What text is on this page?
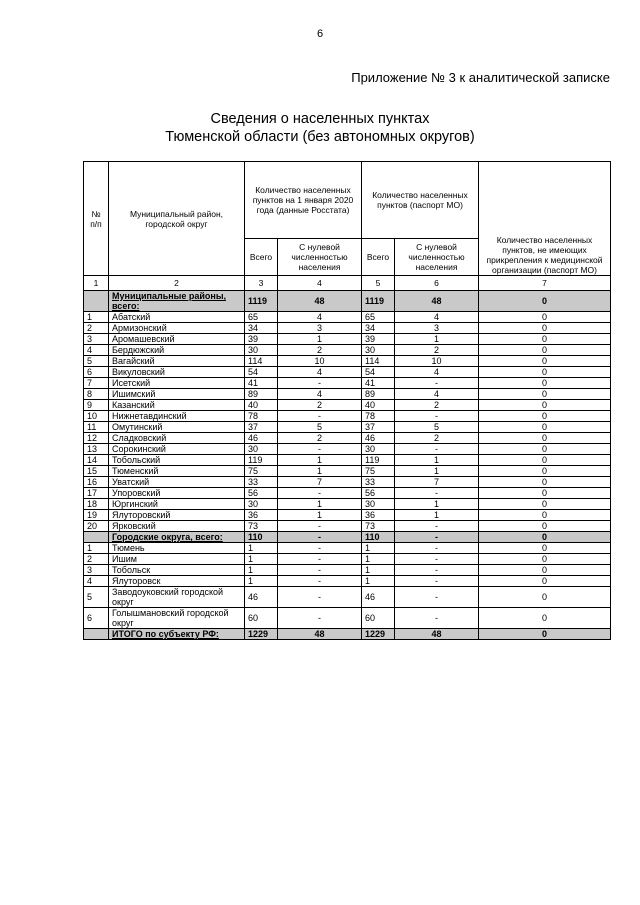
6
Приложение № 3 к аналитической записке
Сведения о населенных пунктах
Тюменской области (без автономных округов)
№ п/п	Муниципальный район, городской округ	Количество населенных пунктов на 1 января 2020 года (данные Росстата)		Количество населенных пунктов (паспорт МО)		Количество населенных пунктов, не имеющих прикрепления к медицинской организации (паспорт МО)
		Всего	С нулевой численностью населения	Всего	С нулевой численностью населения	
1	2	3	4	5	6	7
	Муниципальные районы, всего:	1119	48	1119	48	0
1	Абатский	65	4	65	4	0
2	Армизонский	34	3	34	3	0
3	Аромашевский	39	1	39	1	0
4	Бердюжский	30	2	30	2	0
5	Вагайский	114	10	114	10	0
6	Викуловский	54	4	54	4	0
7	Исетский	41	-	41	-	0
8	Ишимский	89	4	89	4	0
9	Казанский	40	2	40	2	0
10	Нижнетавдинский	78	-	78	-	0
11	Омутинский	37	5	37	5	0
12	Сладковский	46	2	46	2	0
13	Сорокинский	30	-	30	-	0
14	Тобольский	119	1	119	1	0
15	Тюменский	75	1	75	1	0
16	Уватский	33	7	33	7	0
17	Упоровский	56	-	56	-	0
18	Юргинский	30	1	30	1	0
19	Ялуторовский	36	1	36	1	0
20	Ярковский	73	-	73	-	0
	Городские округа, всего:	110	-	110	-	0
1	Тюмень	1	-	1	-	0
2	Ишим	1	-	1	-	0
3	Тобольск	1	-	1	-	0
4	Ялуторовск	1	-	1	-	0
5	Заводоуковский городской округ	46	-	46	-	0
6	Голышмановский городской округ	60	-	60	-	0
	ИТОГО по субъекту РФ:	1229	48	1229	48	0
